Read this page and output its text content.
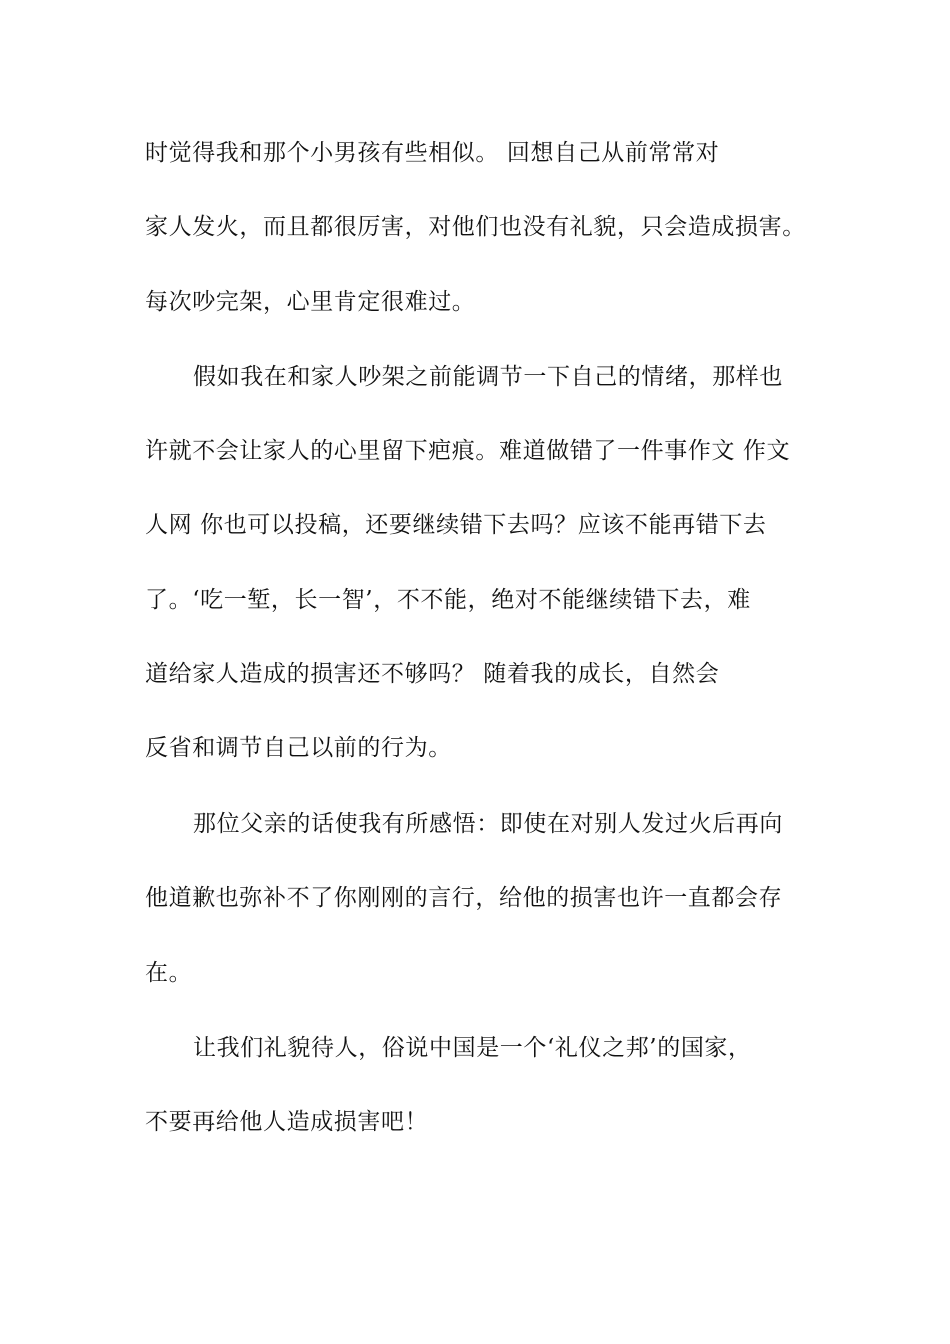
时觉得我和那个小男孩有些相似。 回想自己从前常常对
家人发火，而且都很厉害，对他们也没有礼貌，只会造成损害。
每次吵完架，心里肯定很难过。
假如我在和家人吵架之前能调节一下自己的情绪，那样也
许就不会让家人的心里留下疤痕。难道做错了一件事作文 作文
人网 你也可以投稿，还要继续错下去吗？应该不能再错下去
了。‘吃一堑，长一智’，不不能，绝对不能继续错下去，难
道给家人造成的损害还不够吗？ 随着我的成长，自然会
反省和调节自己以前的行为。
那位父亲的话使我有所感悟：即使在对别人发过火后再向
他道歉也弥补不了你刚刚的言行，给他的损害也许一直都会存
在。
让我们礼貌待人，俗说中国是一个‘礼仪之邦’的国家，
不要再给他人造成损害吧！
